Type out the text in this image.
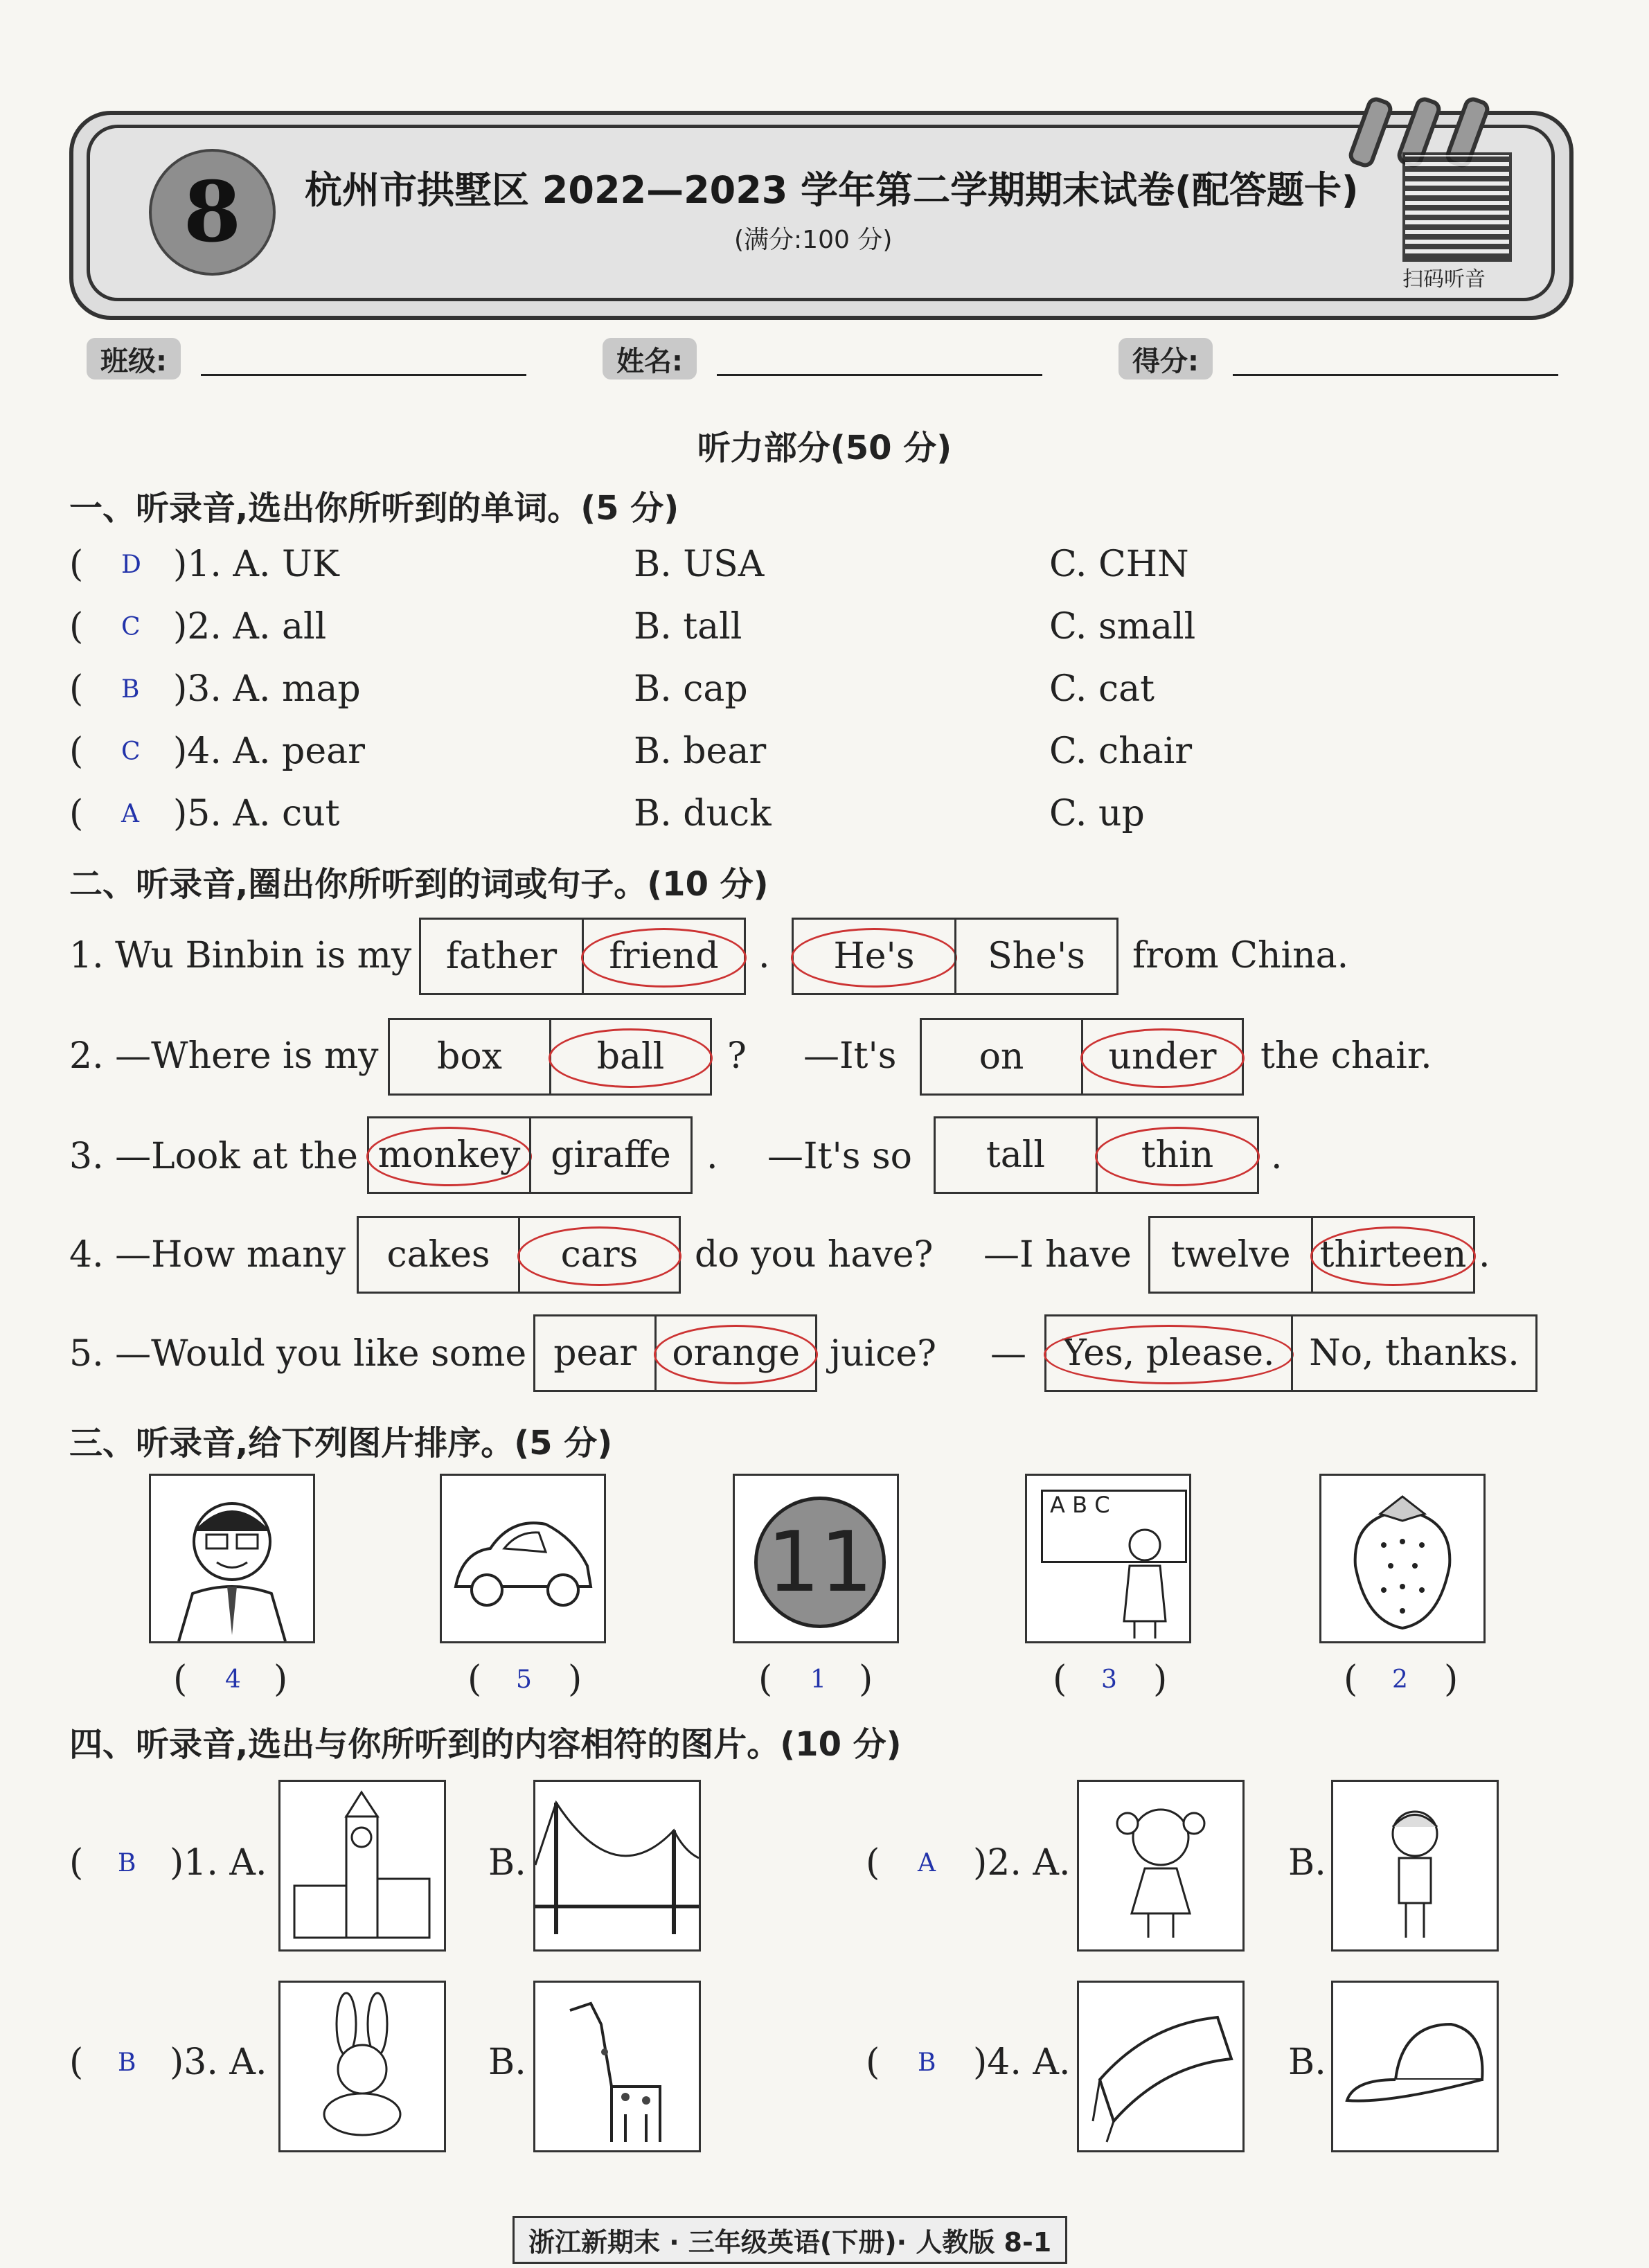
8	杭州市拱墅区 2022—2023 学年第二学期期末试卷(配答题卡)
(满分:100 分)
扫码听音
班级:	姓名:	得分:
听力部分(50 分)
一、听录音,选出你所听到的单词。(5 分)
( D )1. A. UK	B. USA	C. CHN
( C )2. A. all	B. tall	C. small
( B )3. A. map	B. cap	C. cat
( C )4. A. pear	B. bear	C. chair
( A )5. A. cut	B. duck	C. up
二、听录音,圈出你所听到的词或句子。(10 分)
1. Wu Binbin is my father	friend	.	He's	She's	from China.
2. —Where is my	box	ball	? —It's	on	under	the chair.
3. —Look at the monkey giraffe . —It's so	tall	thin	.
4. —How many	cakes	cars	do you have? —I have	twelve thirteen .
5. —Would you like some pear orange juice? —	Yes, please. No, thanks.
三、听录音,给下列图片排序。(5 分)
11
A B C
( 4 )	( 5 )	( 1 )	( 3 )	( 2 )
四、听录音,选出与你所听到的内容相符的图片。(10 分)
( B )1. A.	B.	( A )2. A.	B.
( B )3. A.	B.	( B )4. A.	B.
浙江新期末 · 三年级英语(下册)· 人教版 8-1
